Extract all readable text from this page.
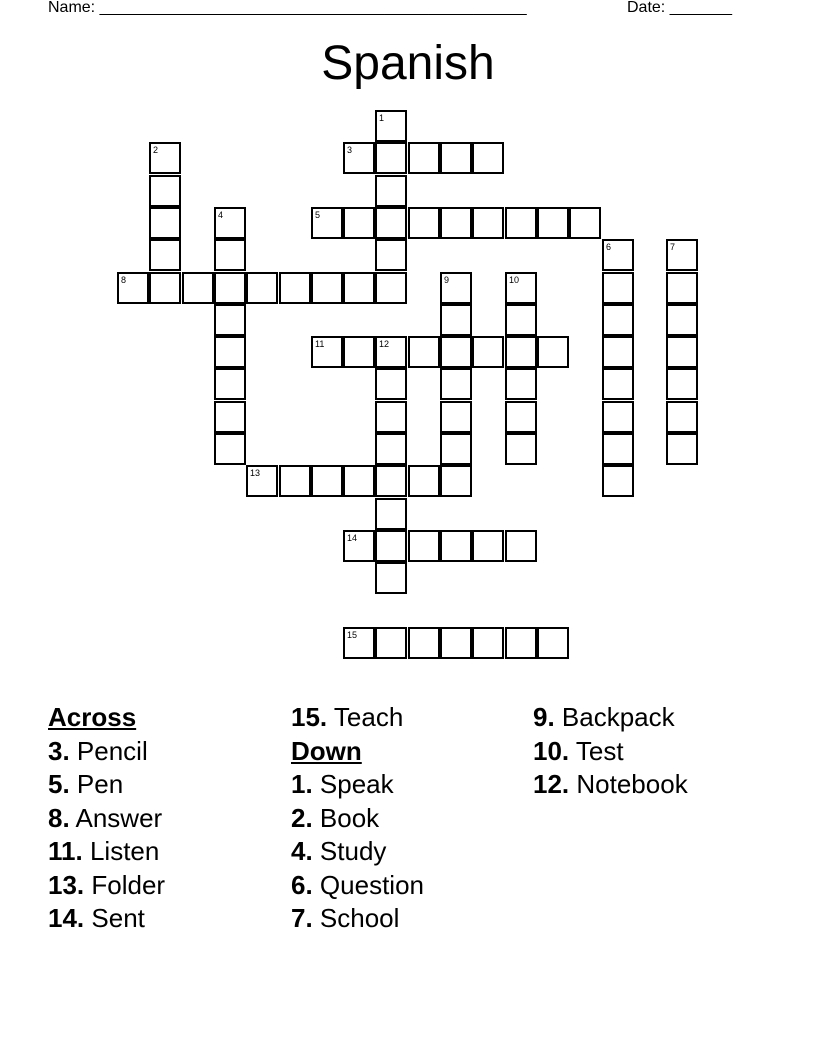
Name: ________________________________________________	Date: _______
Spanish
1
2	3
4	5
6	7
8	9	10
11	12
13
14
15
Across
3. Pencil
5. Pen
8. Answer
11. Listen
13. Folder
14. Sent
15. Teach
Down
1. Speak
2. Book
4. Study
6. Question
7. School
9. Backpack
10. Test
12. Notebook
